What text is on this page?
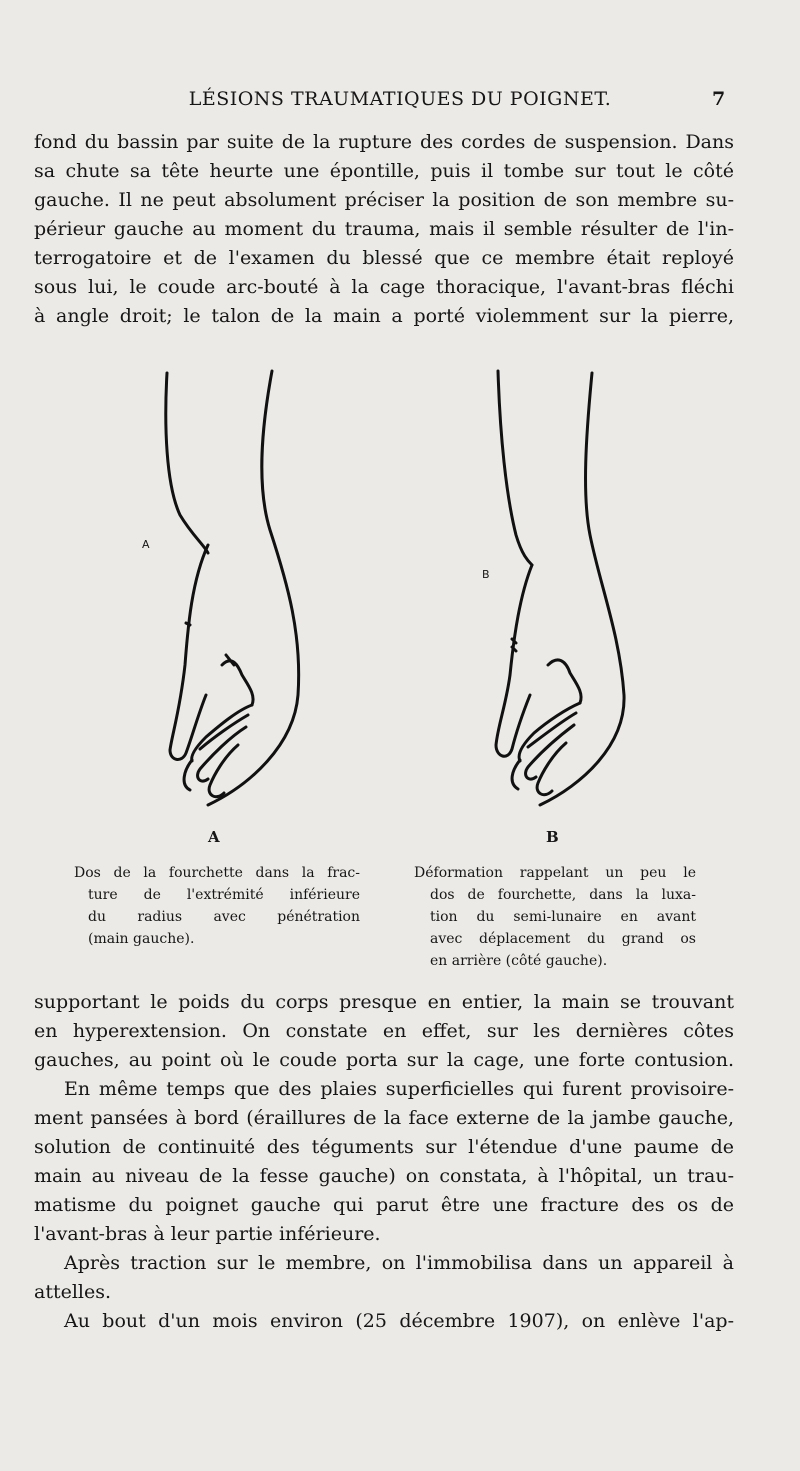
LÉSIONS TRAUMATIQUES DU POIGNET.	7
fond du bassin par suite de la rupture des cordes de suspension. Dans
sa chute sa tête heurte une épontille, puis il tombe sur tout le côté
gauche. Il ne peut absolument préciser la position de son membre su-
périeur gauche au moment du trauma, mais il semble résulter de l'in-
terrogatoire et de l'examen du blessé que ce membre était reployé
sous lui, le coude arc-bouté à la cage thoracique, l'avant-bras fléchi
à angle droit; le talon de la main a porté violemment sur la pierre,
A
B
A	B
Dos de la fourchette dans la frac-
ture de l'extrémité inférieure
du radius avec pénétration
(main gauche).
Déformation rappelant un peu le
dos de fourchette, dans la luxa-
tion du semi-lunaire en avant
avec déplacement du grand os
en arrière (côté gauche).
supportant le poids du corps presque en entier, la main se trouvant
en hyperextension. On constate en effet, sur les dernières côtes
gauches, au point où le coude porta sur la cage, une forte contusion.
En même temps que des plaies superficielles qui furent provisoire-
ment pansées à bord (éraillures de la face externe de la jambe gauche,
solution de continuité des téguments sur l'étendue d'une paume de
main au niveau de la fesse gauche) on constata, à l'hôpital, un trau-
matisme du poignet gauche qui parut être une fracture des os de
l'avant-bras à leur partie inférieure.
Après traction sur le membre, on l'immobilisa dans un appareil à
attelles.
Au bout d'un mois environ (25 décembre 1907), on enlève l'ap-
